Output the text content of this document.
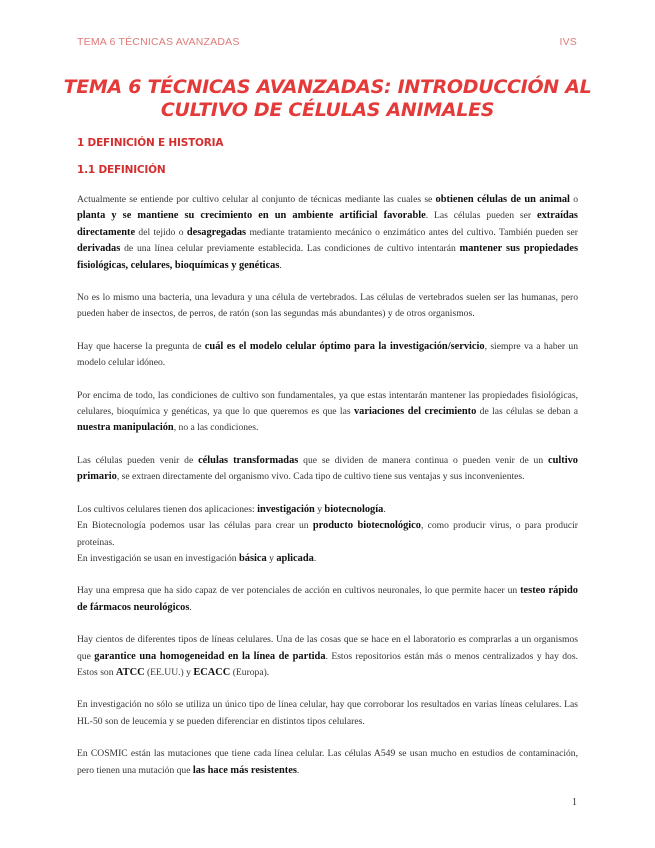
TEMA 6 TÉCNICAS AVANZADAS	IVS
TEMA 6 TÉCNICAS AVANZADAS: INTRODUCCIÓN AL
CULTIVO DE CÉLULAS ANIMALES
1 DEFINICIÓN E HISTORIA
1.1 DEFINICIÓN

Actualmente se entiende por cultivo celular al conjunto de técnicas mediante las cuales se obtienen células de un animal o planta y se mantiene su crecimiento en un ambiente artificial favorable. Las células pueden ser extraídas directamente del tejido o desagregadas mediante tratamiento mecánico o enzimático antes del cultivo. También pueden ser derivadas de una línea celular previamente establecida. Las condiciones de cultivo intentarán mantener sus propiedades fisiológicas, celulares, bioquímicas y genéticas.

No es lo mismo una bacteria, una levadura y una célula de vertebrados. Las células de vertebrados suelen ser las humanas, pero pueden haber de insectos, de perros, de ratón (son las segundas más abundantes) y de otros organismos.

Hay que hacerse la pregunta de cuál es el modelo celular óptimo para la investigación/servicio, siempre va a haber un modelo celular idóneo.

Por encima de todo, las condiciones de cultivo son fundamentales, ya que estas intentarán mantener las propiedades fisiológicas, celulares, bioquímica y genéticas, ya que lo que queremos es que las variaciones del crecimiento de las células se deban a nuestra manipulación, no a las condiciones.

Las células pueden venir de células transformadas que se dividen de manera continua o pueden venir de un cultivo primario, se extraen directamente del organismo vivo. Cada tipo de cultivo tiene sus ventajas y sus inconvenientes.

Los cultivos celulares tienen dos aplicaciones: investigación y biotecnología.

En Biotecnología podemos usar las células para crear un producto biotecnológico, como producir virus, o para producir proteínas.

En investigación se usan en investigación básica y aplicada.

Hay una empresa que ha sido capaz de ver potenciales de acción en cultivos neuronales, lo que permite hacer un testeo rápido de fármacos neurológicos.

Hay cientos de diferentes tipos de líneas celulares. Una de las cosas que se hace en el laboratorio es comprarlas a un organismos que garantice una homogeneidad en la línea de partida. Estos repositorios están más o menos centralizados y hay dos. Estos son ATCC (EE.UU.) y ECACC (Europa).

En investigación no sólo se utiliza un único tipo de línea celular, hay que corroborar los resultados en varias líneas celulares. Las HL-50 son de leucemia y se pueden diferenciar en distintos tipos celulares.

En COSMIC están las mutaciones que tiene cada línea celular. Las células A549 se usan mucho en estudios de contaminación, pero tienen una mutación que las hace más resistentes.

1
